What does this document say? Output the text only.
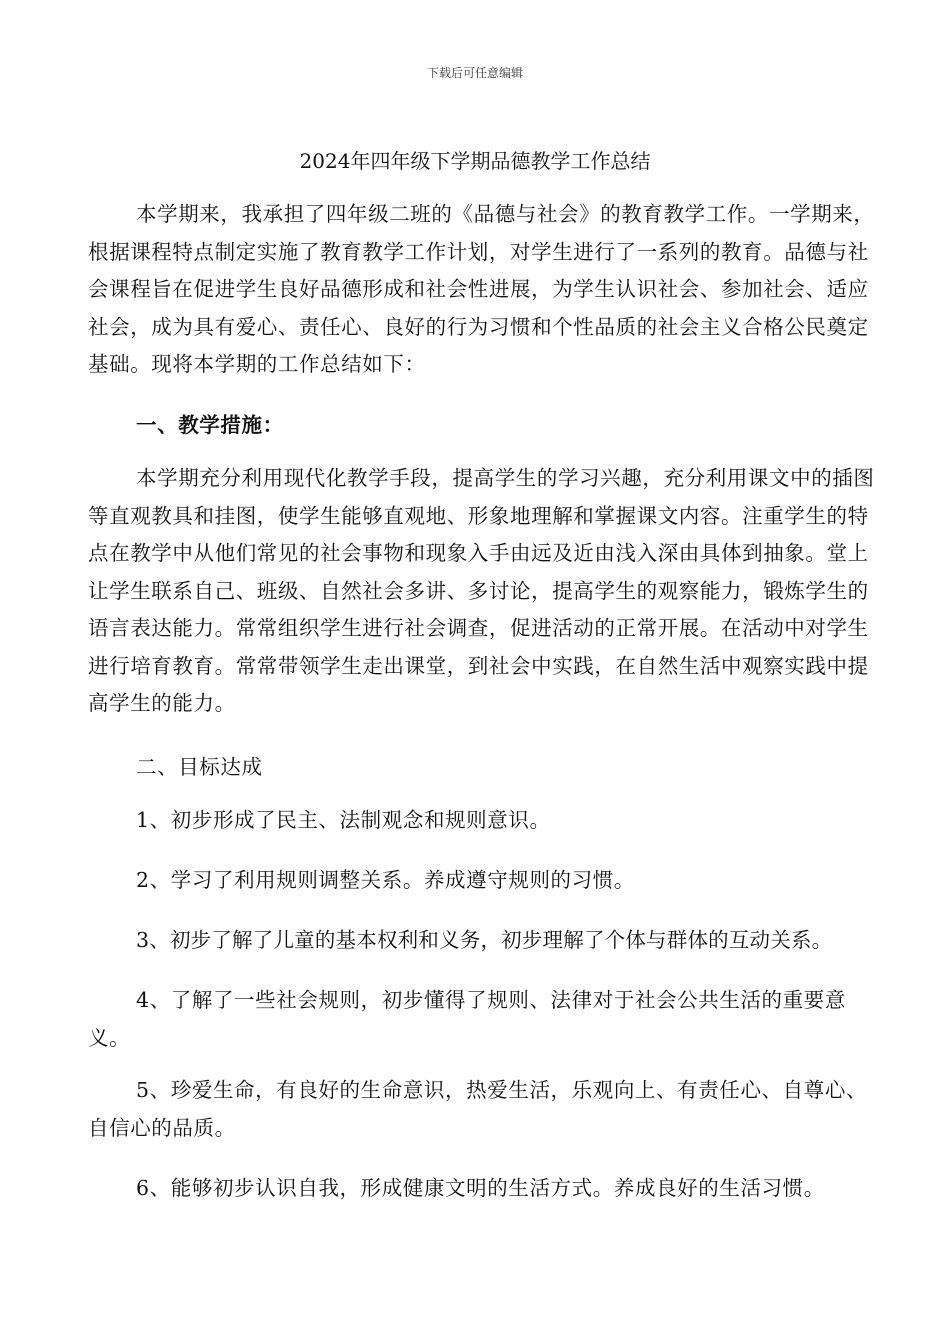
下载后可任意编辑
2024年四年级下学期品德教学工作总结

本学期来，我承担了四年级二班的《品德与社会》的教育教学工作。一学期来，根据课程特点制定实施了教育教学工作计划，对学生进行了一系列的教育。品德与社会课程旨在促进学生良好品德形成和社会性进展，为学生认识社会、参加社会、适应社会，成为具有爱心、责任心、良好的行为习惯和个性品质的社会主义合格公民奠定基础。现将本学期的工作总结如下：

一、教学措施：

本学期充分利用现代化教学手段，提高学生的学习兴趣，充分利用课文中的插图等直观教具和挂图，使学生能够直观地、形象地理解和掌握课文内容。注重学生的特点在教学中从他们常见的社会事物和现象入手由远及近由浅入深由具体到抽象。堂上让学生联系自己、班级、自然社会多讲、多讨论，提高学生的观察能力，锻炼学生的语言表达能力。常常组织学生进行社会调查，促进活动的正常开展。在活动中对学生进行培育教育。常常带领学生走出课堂，到社会中实践，在自然生活中观察实践中提高学生的能力。

二、目标达成

1、初步形成了民主、法制观念和规则意识。

2、学习了利用规则调整关系。养成遵守规则的习惯。

3、初步了解了儿童的基本权利和义务，初步理解了个体与群体的互动关系。

4、了解了一些社会规则，初步懂得了规则、法律对于社会公共生活的重要意义。

5、珍爱生命，有良好的生命意识，热爱生活，乐观向上、有责任心、自尊心、自信心的品质。

6、能够初步认识自我，形成健康文明的生活方式。养成良好的生活习惯。
